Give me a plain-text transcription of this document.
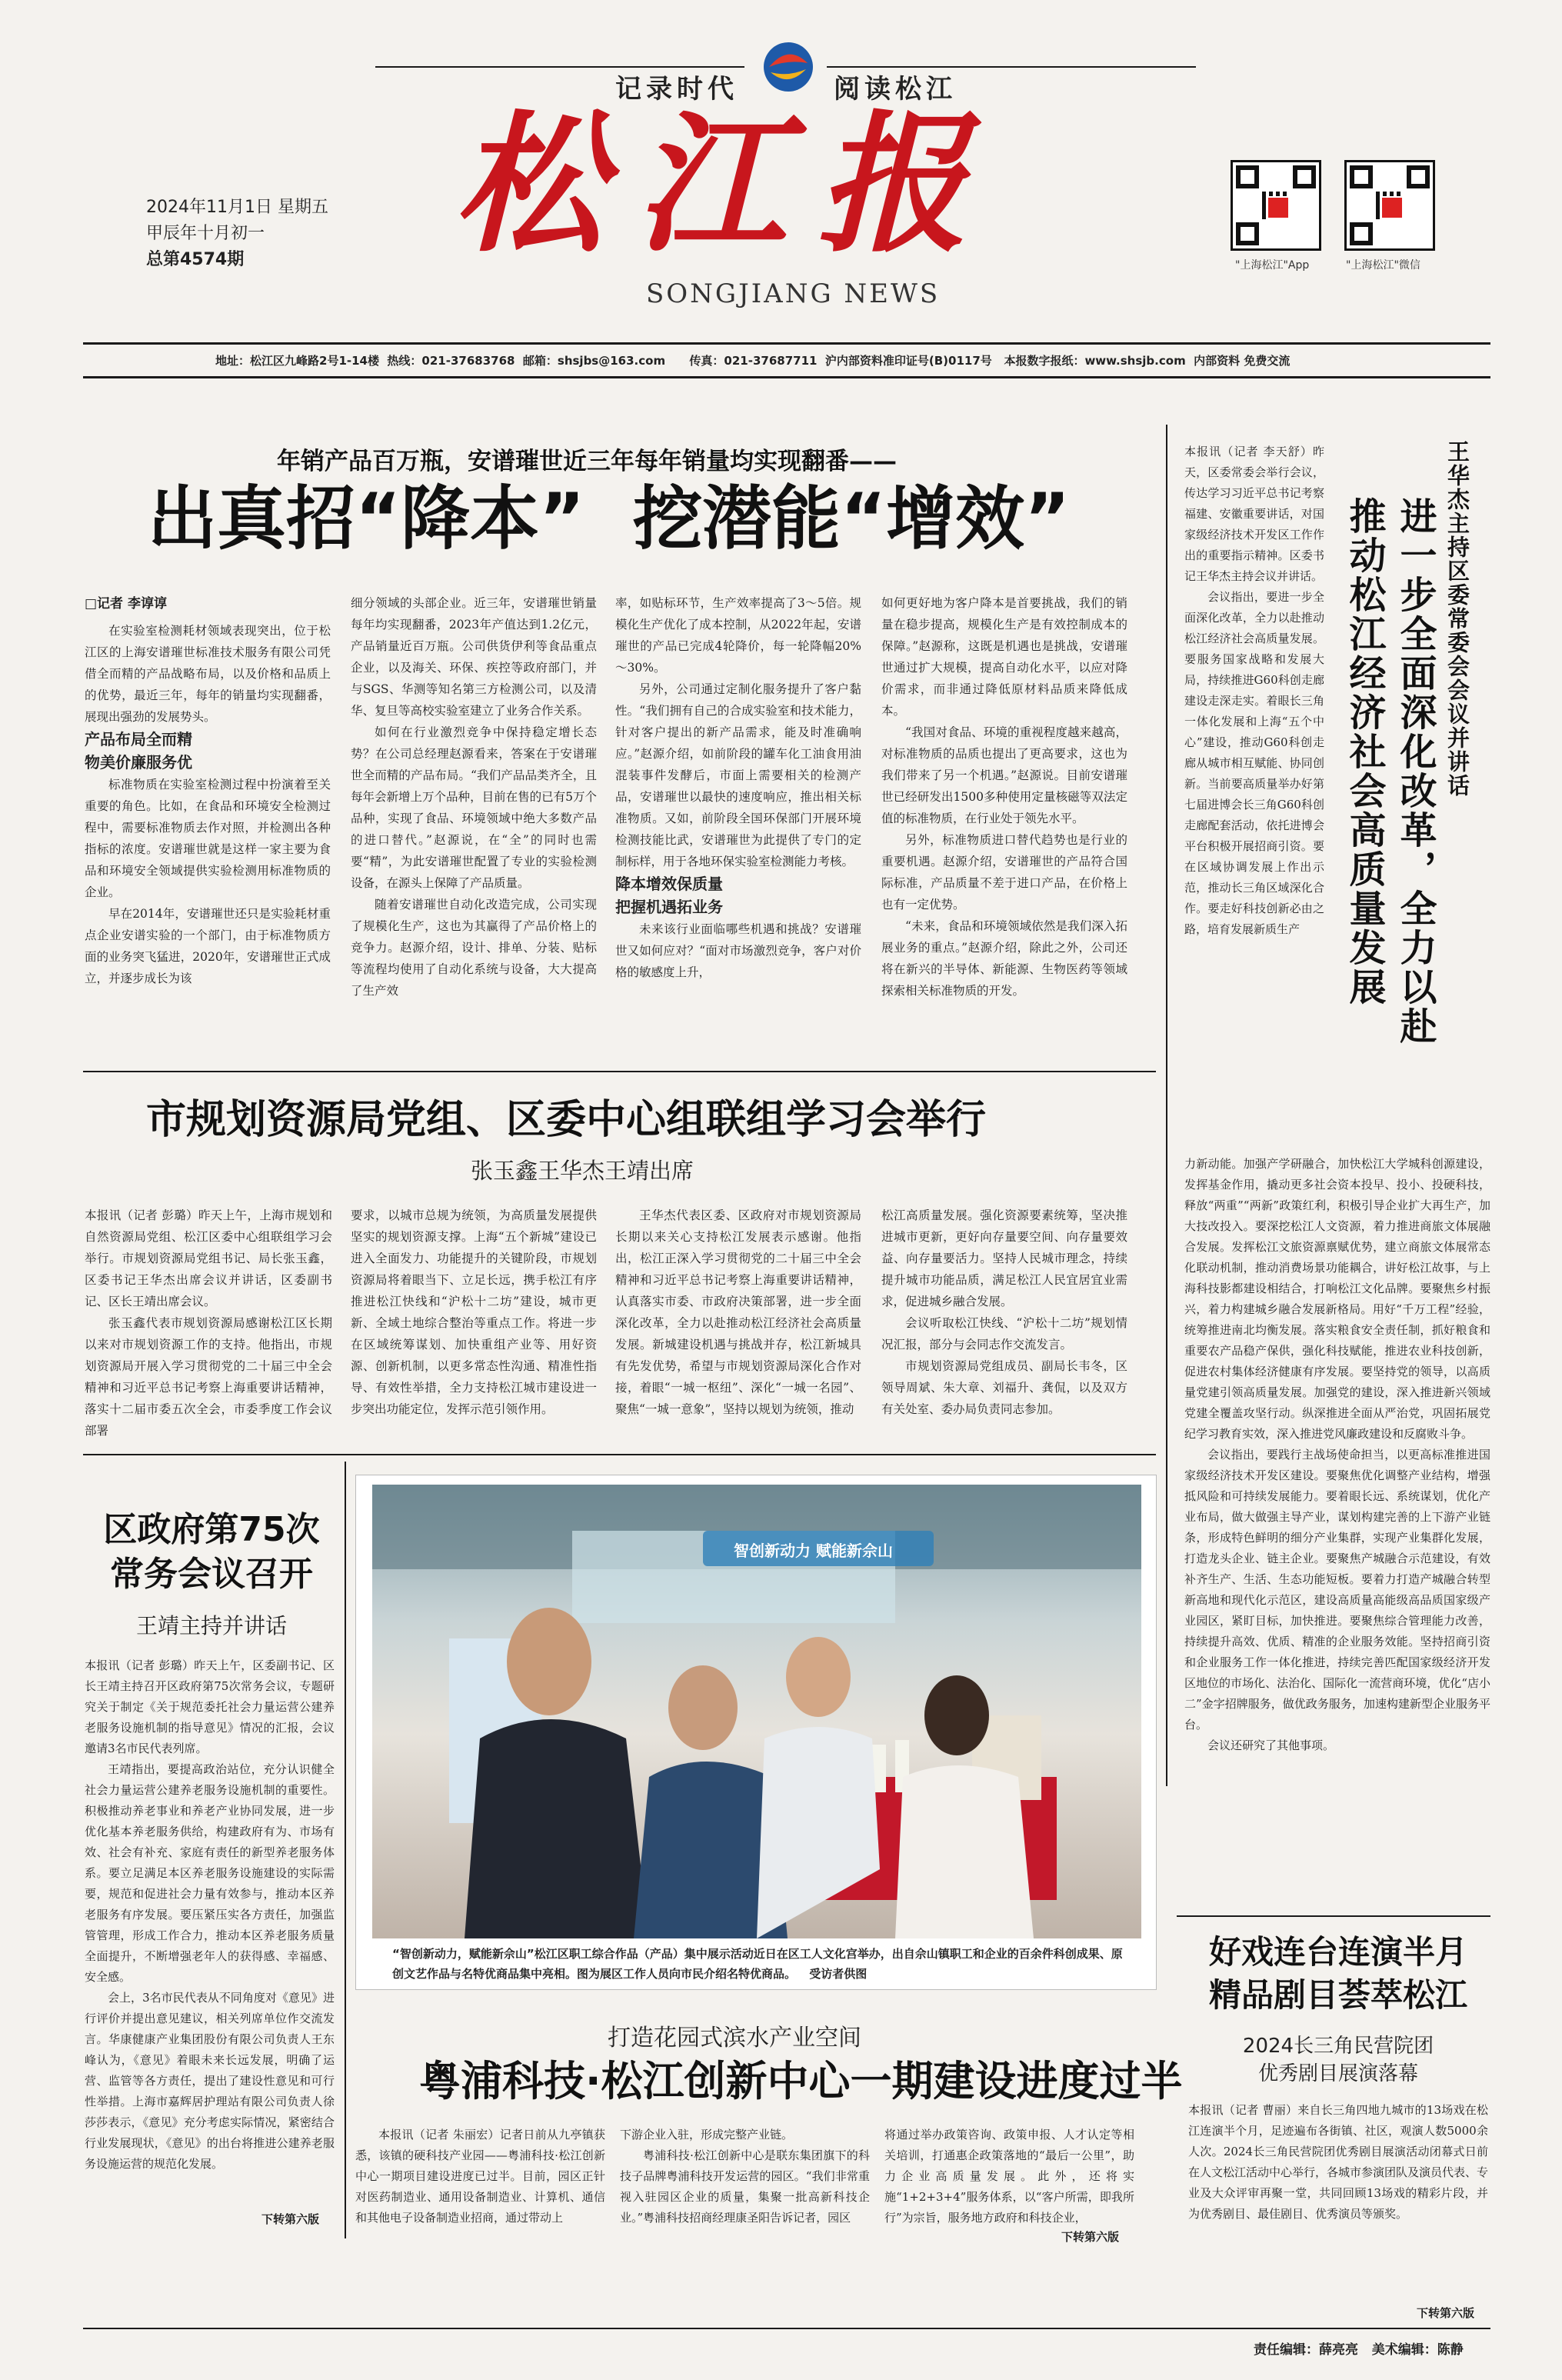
记录时代	阅读松江
松江报
SONGJIANG NEWS
2024年11月1日 星期五
甲辰年十月初一
总第4574期	"上海松江"App	"上海松江"微信
地址：松江区九峰路2号1-14楼  热线：021-37683768  邮箱：shsjbs@163.com      传真：021-37687711  沪内部资料准印证号(B)0117号   本报数字报纸：www.shsjb.com  内部资料 免费交流
年销产品百万瓶，安谱璀世近三年每年销量均实现翻番——
出真招“降本”  挖潜能“增效”
□记者 李谆谆

在实验室检测耗材领域表现突出，位于松江区的上海安谱璀世标准技术服务有限公司凭借全而精的产品战略布局，以及价格和品质上的优势，最近三年，每年的销量均实现翻番，展现出强劲的发展势头。

产品布局全而精
物美价廉服务优

标准物质在实验室检测过程中扮演着至关重要的角色。比如，在食品和环境安全检测过程中，需要标准物质去作对照，并检测出各种指标的浓度。安谱璀世就是这样一家主要为食品和环境安全领域提供实验检测用标准物质的企业。

早在2014年，安谱璀世还只是实验耗材重点企业安谱实验的一个部门，由于标准物质方面的业务突飞猛进，2020年，安谱璀世正式成立，并逐步成长为该

细分领域的头部企业。近三年，安谱璀世销量每年均实现翻番，2023年产值达到1.2亿元，产品销量近百万瓶。公司供货伊利等食品重点企业，以及海关、环保、疾控等政府部门，并与SGS、华测等知名第三方检测公司，以及清华、复旦等高校实验室建立了业务合作关系。

如何在行业激烈竞争中保持稳定增长态势？在公司总经理赵源看来，答案在于安谱璀世全而精的产品布局。“我们产品品类齐全，且每年会新增上万个品种，目前在售的已有5万个品种，实现了食品、环境领域中绝大多数产品的进口替代。”赵源说，在“全”的同时也需要“精”，为此安谱璀世配置了专业的实验检测设备，在源头上保障了产品质量。

随着安谱璀世自动化改造完成，公司实现了规模化生产，这也为其赢得了产品价格上的竞争力。赵源介绍，设计、排单、分装、贴标等流程均使用了自动化系统与设备，大大提高了生产效

率，如贴标环节，生产效率提高了3～5倍。规模化生产优化了成本控制，从2022年起，安谱璀世的产品已完成4轮降价，每一轮降幅20%～30%。

另外，公司通过定制化服务提升了客户黏性。“我们拥有自己的合成实验室和技术能力，针对客户提出的新产品需求，能及时准确响应。”赵源介绍，如前阶段的罐车化工油食用油混装事件发酵后，市面上需要相关的检测产品，安谱璀世以最快的速度响应，推出相关标准物质。又如，前阶段全国环保部门开展环境检测技能比武，安谱璀世为此提供了专门的定制标样，用于各地环保实验室检测能力考核。

降本增效保质量
把握机遇拓业务

未来该行业面临哪些机遇和挑战？安谱璀世又如何应对？“面对市场激烈竞争，客户对价格的敏感度上升，

如何更好地为客户降本是首要挑战，我们的销量在稳步提高，规模化生产是有效控制成本的保障。”赵源称，这既是机遇也是挑战，安谱璀世通过扩大规模，提高自动化水平，以应对降价需求，而非通过降低原材料品质来降低成本。

“我国对食品、环境的重视程度越来越高，对标准物质的品质也提出了更高要求，这也为我们带来了另一个机遇。”赵源说。目前安谱璀世已经研发出1500多种使用定量核磁等双法定值的标准物质，在行业处于领先水平。

另外，标准物质进口替代趋势也是行业的重要机遇。赵源介绍，安谱璀世的产品符合国际标准，产品质量不差于进口产品，在价格上也有一定优势。

“未来，食品和环境领域依然是我们深入拓展业务的重点。”赵源介绍，除此之外，公司还将在新兴的半导体、新能源、生物医药等领域探索相关标准物质的开发。

王华杰主持区委常委会会议并讲话
进一步全面深化改革，全力以赴
推动松江经济社会高质量发展

本报讯（记者 李天舒）昨天，区委常委会举行会议，传达学习习近平总书记考察福建、安徽重要讲话，对国家级经济技术开发区工作作出的重要指示精神。区委书记王华杰主持会议并讲话。

会议指出，要进一步全面深化改革，全力以赴推动松江经济社会高质量发展。要服务国家战略和发展大局，持续推进G60科创走廊建设走深走实。着眼长三角一体化发展和上海“五个中心”建设，推动G60科创走廊从城市相互赋能、协同创新。当前要高质量举办好第七届进博会长三角G60科创走廊配套活动，依托进博会平台积极开展招商引资。要在区域协调发展上作出示范，推动长三角区域深化合作。要走好科技创新必由之路，培育发展新质生产

力新动能。加强产学研融合，加快松江大学城科创源建设，发挥基金作用，撬动更多社会资本投早、投小、投硬科技，释放“两重”“两新”政策红利，积极引导企业扩大再生产，加大技改投入。要深挖松江人文资源，着力推进商旅文体展融合发展。发挥松江文旅资源禀赋优势，建立商旅文体展常态化联动机制，推动消费场景功能耦合，讲好松江故事，与上海科技影都建设相结合，打响松江文化品牌。要聚焦乡村振兴，着力构建城乡融合发展新格局。用好“千万工程”经验，统筹推进南北均衡发展。落实粮食安全责任制，抓好粮食和重要农产品稳产保供，强化科技赋能，推进农业科技创新，促进农村集体经济健康有序发展。要坚持党的领导，以高质量党建引领高质量发展。加强党的建设，深入推进新兴领域党建全覆盖攻坚行动。纵深推进全面从严治党，巩固拓展党纪学习教育实效，深入推进党风廉政建设和反腐败斗争。

会议指出，要践行主战场使命担当，以更高标准推进国家级经济技术开发区建设。要聚焦优化调整产业结构，增强抵风险和可持续发展能力。要着眼长远、系统谋划，优化产业布局，做大做强主导产业，谋划构建完善的上下游产业链条，形成特色鲜明的细分产业集群，实现产业集群化发展，打造龙头企业、链主企业。要聚焦产城融合示范建设，有效补齐生产、生活、生态功能短板。要着力打造产城融合转型新高地和现代化示范区，建设高质量高能级高品质国家级产业园区，紧盯目标，加快推进。要聚焦综合管理能力改善，持续提升高效、优质、精准的企业服务效能。坚持招商引资和企业服务工作一体化推进，持续完善匹配国家级经济开发区地位的市场化、法治化、国际化一流营商环境，优化“店小二”金字招牌服务，做优政务服务，加速构建新型企业服务平台。

会议还研究了其他事项。

好戏连台连演半月
精品剧目荟萃松江
2024长三角民营院团
优秀剧目展演落幕

本报讯（记者 曹丽）来自长三角四地九城市的13场戏在松江连演半个月，足迹遍布各街镇、社区，观演人数5000余人次。2024长三角民营院团优秀剧目展演活动闭幕式日前在人文松江活动中心举行，各城市参演团队及演员代表、专业及大众评审再聚一堂，共同回顾13场戏的精彩片段，并为优秀剧目、最佳剧目、优秀演员等颁奖。

下转第六版
市规划资源局党组、区委中心组联组学习会举行
张玉鑫王华杰王靖出席

本报讯（记者 彭璐）昨天上午，上海市规划和自然资源局党组、松江区委中心组联组学习会举行。市规划资源局党组书记、局长张玉鑫，区委书记王华杰出席会议并讲话，区委副书记、区长王靖出席会议。

张玉鑫代表市规划资源局感谢松江区长期以来对市规划资源工作的支持。他指出，市规划资源局开展入学习贯彻党的二十届三中全会精神和习近平总书记考察上海重要讲话精神，落实十二届市委五次全会，市委季度工作会议部署

要求，以城市总规为统领，为高质量发展提供坚实的规划资源支撑。上海“五个新城”建设已进入全面发力、功能提升的关键阶段，市规划资源局将着眼当下、立足长远，携手松江有序推进松江快线和“沪松十二坊”建设，城市更新、全域土地综合整治等重点工作。将进一步在区域统筹谋划、加快重组产业等、用好资源、创新机制，以更多常态性沟通、精准性指导、有效性举措，全力支持松江城市建设进一步突出功能定位，发挥示范引领作用。

王华杰代表区委、区政府对市规划资源局长期以来关心支持松江发展表示感谢。他指出，松江正深入学习贯彻党的二十届三中全会精神和习近平总书记考察上海重要讲话精神，认真落实市委、市政府决策部署，进一步全面深化改革，全力以赴推动松江经济社会高质量发展。新城建设机遇与挑战并存，松江新城具有先发优势，希望与市规划资源局深化合作对接，着眼“一城一枢纽”、深化“一城一名园”、聚焦“一城一意象”，坚持以规划为统领，推动

松江高质量发展。强化资源要素统筹，坚决推进城市更新，更好向存量要空间、向存量要效益、向存量要活力。坚持人民城市理念，持续提升城市功能品质，满足松江人民宜居宜业需求，促进城乡融合发展。

会议听取松江快线、“沪松十二坊”规划情况汇报，部分与会同志作交流发言。

市规划资源局党组成员、副局长韦冬，区领导周斌、朱大章、刘福升、龚侃，以及双方有关处室、委办局负责同志参加。

区政府第75次
常务会议召开
王靖主持并讲话

本报讯（记者 彭璐）昨天上午，区委副书记、区长王靖主持召开区政府第75次常务会议，专题研究关于制定《关于规范委托社会力量运营公建养老服务设施机制的指导意见》情况的汇报，会议邀请3名市民代表列席。

王靖指出，要提高政治站位，充分认识健全社会力量运营公建养老服务设施机制的重要性。积极推动养老事业和养老产业协同发展，进一步优化基本养老服务供给，构建政府有为、市场有效、社会有补充、家庭有责任的新型养老服务体系。要立足满足本区养老服务设施建设的实际需要，规范和促进社会力量有效参与，推动本区养老服务有序发展。要压紧压实各方责任，加强监管管理，形成工作合力，推动本区养老服务质量全面提升，不断增强老年人的获得感、幸福感、安全感。

会上，3名市民代表从不同角度对《意见》进行评价并提出意见建议，相关列席单位作交流发言。华康健康产业集团股份有限公司负责人王东峰认为，《意见》着眼未来长远发展，明确了运营、监管等各方责任，提出了建设性意见和可行性举措。上海市嘉辉居护理站有限公司负责人徐莎莎表示，《意见》充分考虑实际情况，紧密结合行业发展现状，《意见》的出台将推进公建养老服务设施运营的规范化发展。

下转第六版
智创新动力 赋能新佘山
“智创新动力，赋能新佘山”松江区职工综合作品（产品）集中展示活动近日在区工人文化宫举办，出自佘山镇职工和企业的百余件科创成果、原创文艺作品与名特优商品集中亮相。图为展区工作人员向市民介绍名特优商品。 受访者供图
打造花园式滨水产业空间
粤浦科技·松江创新中心一期建设进度过半

本报讯（记者 朱丽宏）记者日前从九亭镇获悉，该镇的硬科技产业园——粤浦科技·松江创新中心一期项目建设进度已过半。目前，园区正针对医药制造业、通用设备制造业、计算机、通信和其他电子设备制造业招商，通过带动上

下游企业入驻，形成完整产业链。

粤浦科技·松江创新中心是联东集团旗下的科技子品牌粤浦科技开发运营的园区。“我们非常重视入驻园区企业的质量，集聚一批高新科技企业。”粤浦科技招商经理康圣阳告诉记者，园区

将通过举办政策咨询、政策申报、人才认定等相关培训，打通惠企政策落地的“最后一公里”，助力企业高质量发展。此外，还将实施“1+2+3+4”服务体系，以“客户所需，即我所行”为宗旨，服务地方政府和科技企业，

下转第六版
责任编辑：薛亮亮   美术编辑：陈静
